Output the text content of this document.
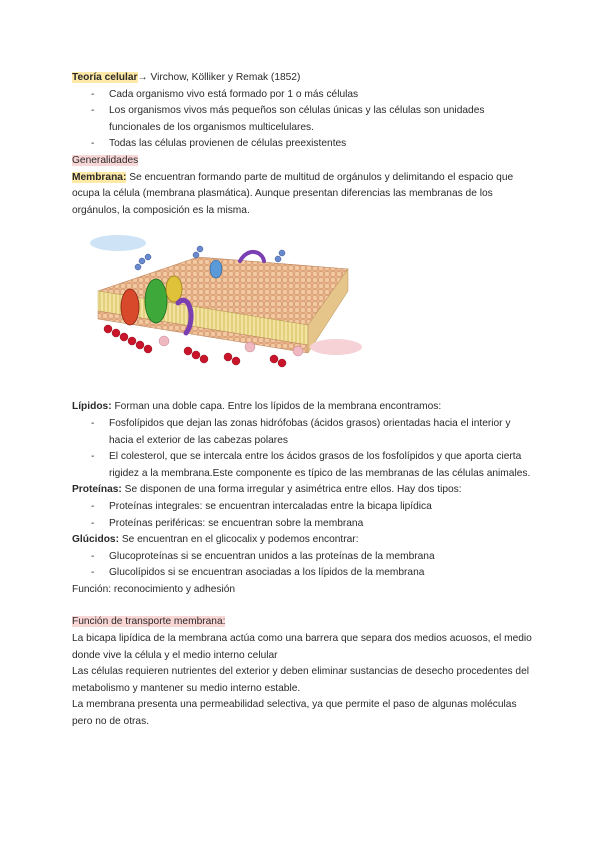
Teoría celular→ Virchow, Kölliker y Remak (1852)
- Cada organismo vivo está formado por 1 o más células
- Los organismos vivos más pequeños son células únicas y las células son unidades funcionales de los organismos multicelulares.
- Todas las células provienen de células preexistentes
Generalidades
Membrana: Se encuentran formando parte de multitud de orgánulos y delimitando el espacio que ocupa la célula (membrana plasmática). Aunque presentan diferencias las membranas de los orgánulos, la composición es la misma.
Lípidos: Forman una doble capa. Entre los lípidos de la membrana encontramos:
- Fosfolípidos que dejan las zonas hidrófobas (ácidos grasos) orientadas hacia el interior y hacia el exterior de las cabezas polares
- El colesterol, que se intercala entre los ácidos grasos de los fosfolípidos y que aporta cierta rigidez a la membrana.Este componente es típico de las membranas de las células animales.
Proteínas: Se disponen de una forma irregular y asimétrica entre ellos. Hay dos tipos:
- Proteínas integrales: se encuentran intercaladas entre la bicapa lipídica
- Proteínas periféricas: se encuentran sobre la membrana
Glúcidos: Se encuentran en el glicocalix y podemos encontrar:
- Glucoproteínas si se encuentran unidos a las proteínas de la membrana
- Glucolípidos si se encuentran asociadas a los lípidos de la membrana
Función: reconocimiento y adhesión
Función de transporte membrana:
La bicapa lipídica de la membrana actúa como una barrera que separa dos medios acuosos, el medio donde vive la célula y el medio interno celular
Las células requieren nutrientes del exterior y deben eliminar sustancias de desecho procedentes del metabolismo y mantener su medio interno estable.
La membrana presenta una permeabilidad selectiva, ya que permite el paso de algunas moléculas pero no de otras.
